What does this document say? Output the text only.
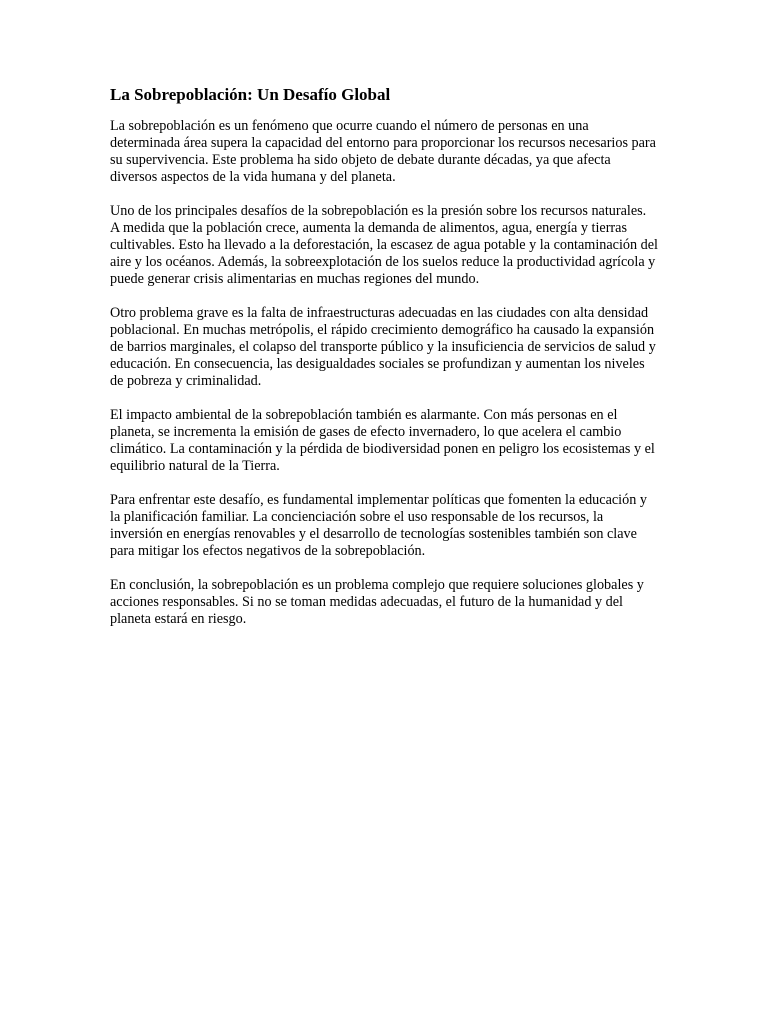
La Sobrepoblación: Un Desafío Global

La sobrepoblación es un fenómeno que ocurre cuando el número de personas en una determinada área supera la capacidad del entorno para proporcionar los recursos necesarios para su supervivencia. Este problema ha sido objeto de debate durante décadas, ya que afecta diversos aspectos de la vida humana y del planeta.

Uno de los principales desafíos de la sobrepoblación es la presión sobre los recursos naturales. A medida que la población crece, aumenta la demanda de alimentos, agua, energía y tierras cultivables. Esto ha llevado a la deforestación, la escasez de agua potable y la contaminación del aire y los océanos. Además, la sobreexplotación de los suelos reduce la productividad agrícola y puede generar crisis alimentarias en muchas regiones del mundo.

Otro problema grave es la falta de infraestructuras adecuadas en las ciudades con alta densidad poblacional. En muchas metrópolis, el rápido crecimiento demográfico ha causado la expansión de barrios marginales, el colapso del transporte público y la insuficiencia de servicios de salud y educación. En consecuencia, las desigualdades sociales se profundizan y aumentan los niveles de pobreza y criminalidad.

El impacto ambiental de la sobrepoblación también es alarmante. Con más personas en el planeta, se incrementa la emisión de gases de efecto invernadero, lo que acelera el cambio climático. La contaminación y la pérdida de biodiversidad ponen en peligro los ecosistemas y el equilibrio natural de la Tierra.

Para enfrentar este desafío, es fundamental implementar políticas que fomenten la educación y la planificación familiar. La concienciación sobre el uso responsable de los recursos, la inversión en energías renovables y el desarrollo de tecnologías sostenibles también son clave para mitigar los efectos negativos de la sobrepoblación.

En conclusión, la sobrepoblación es un problema complejo que requiere soluciones globales y acciones responsables. Si no se toman medidas adecuadas, el futuro de la humanidad y del planeta estará en riesgo.
